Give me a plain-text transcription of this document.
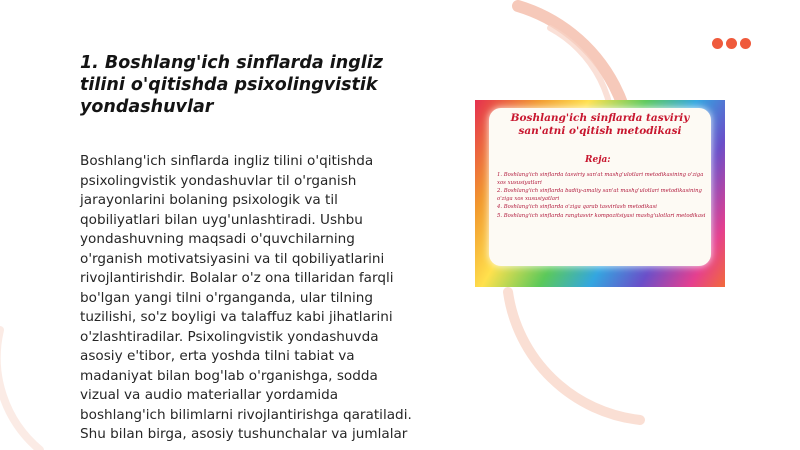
1. Boshlang'ich sinflarda ingliz tilini o'qitishda psixolingvistik yondashuvlar

Boshlang'ich sinflarda ingliz tilini o'qitishda psixolingvistik yondashuvlar til o'rganish jarayonlarini bolaning psixologik va til qobiliyatlari bilan uyg'unlashtiradi. Ushbu yondashuvning maqsadi o'quvchilarning o'rganish motivatsiyasini va til qobiliyatlarini rivojlantirishdir. Bolalar o'z ona tillaridan farqli bo'lgan yangi tilni o'rganganda, ular tilning tuzilishi, so'z boyligi va talaffuz kabi jihatlarini o'zlashtiradilar. Psixolingvistik yondashuvda asosiy e'tibor, erta yoshda tilni tabiat va madaniyat bilan bog'lab o'rganishga, sodda vizual va audio materiallar yordamida boshlang'ich bilimlarni rivojlantirishga qaratiladi. Shu bilan birga, asosiy tushunchalar va jumlalar

Boshlang'ich sinflarda tasviriy
san'atni o'qitish metodikasi
Reja:
1. Boshlang'ich sinflarda tasviriy san'at mashg'ulotlari metodikasining o'ziga xos xususiyatlari
2. Boshlang'ich sinflarda badiiy-amaliy san'at mashg'ulotlari metodikasining o'ziga xos xususiyatlari
4. Boshlang'ich sinflarda o'ziga qarab tasvirlash metodikasi
5. Boshlang'ich sinflarda rangtasvir kompozitsiyasi mashg'ulotlari metodikasi
